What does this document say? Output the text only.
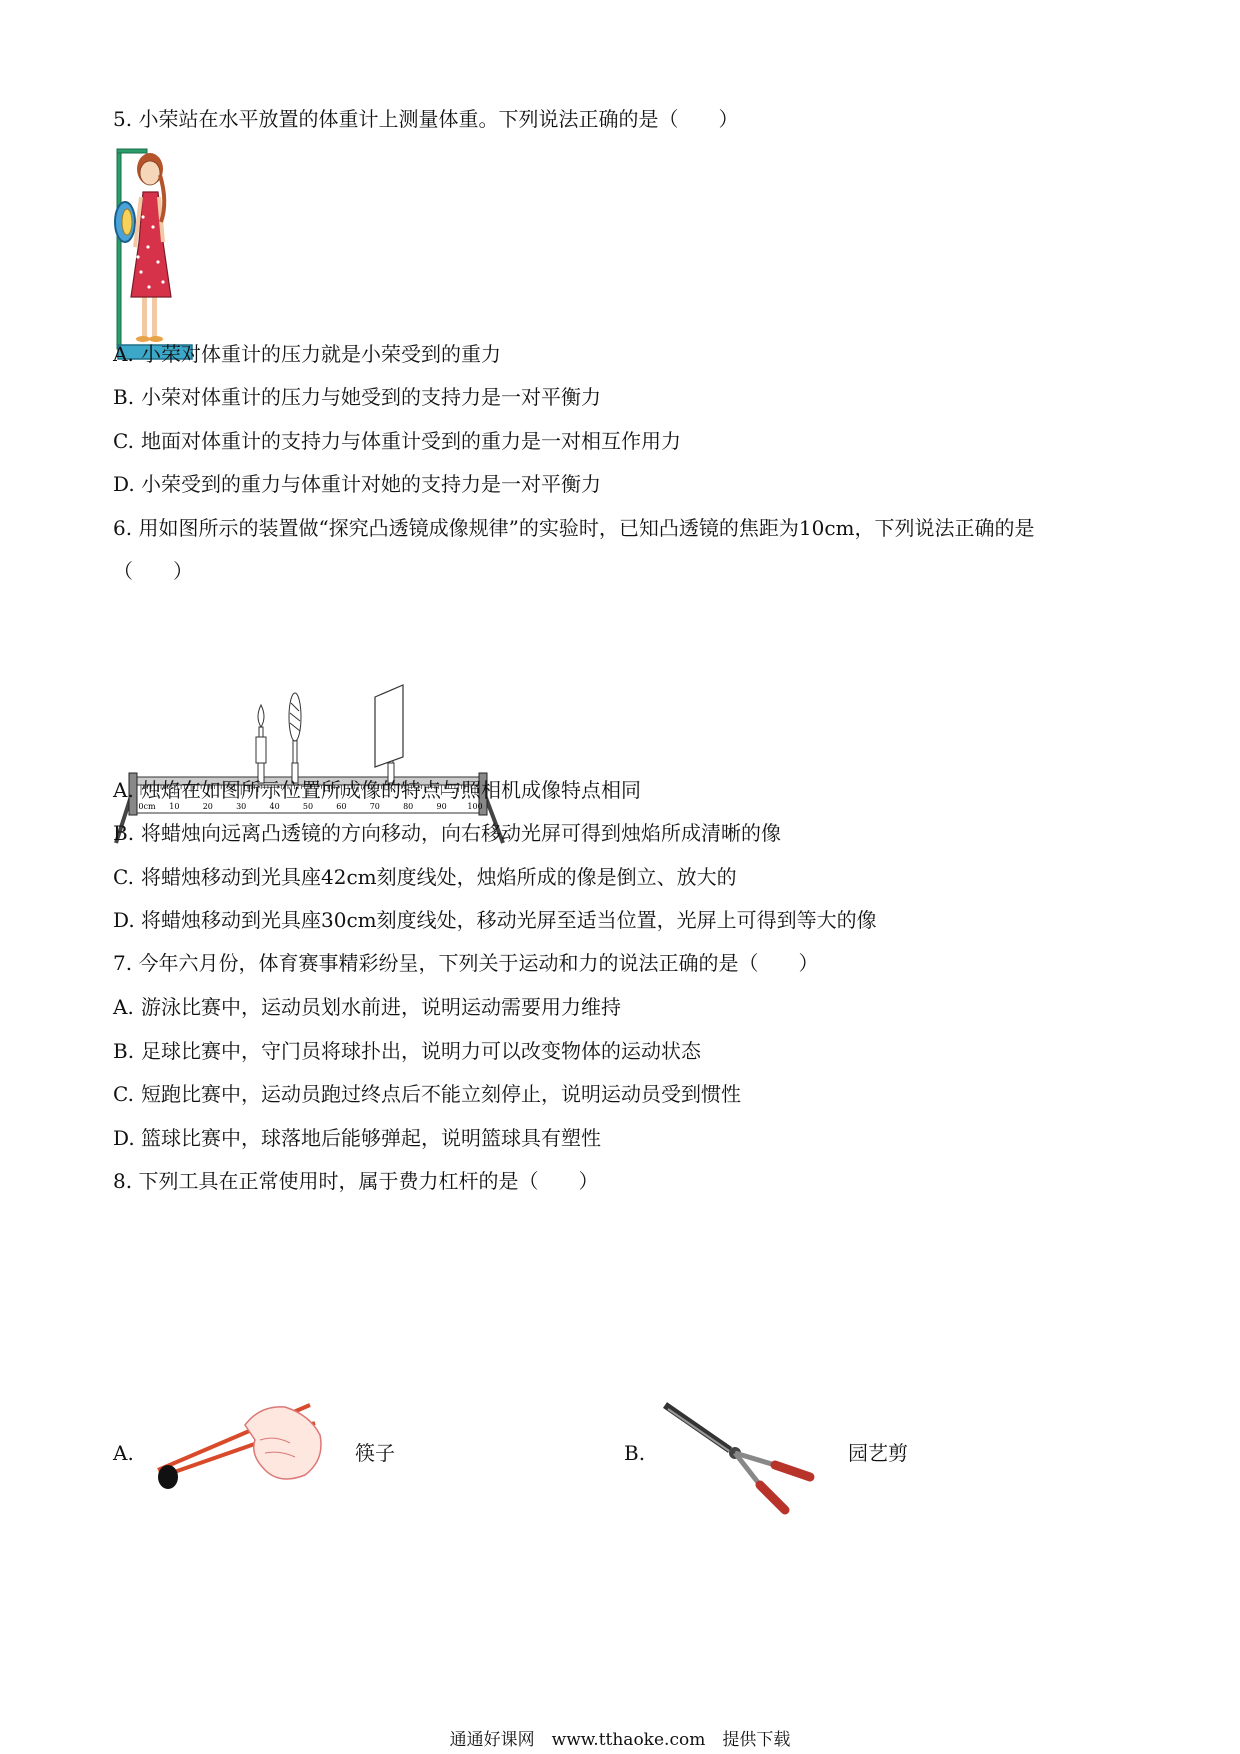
5. 小荣站在水平放置的体重计上测量体重。下列说法正确的是（　　）
A. 小荣对体重计的压力就是小荣受到的重力
B. 小荣对体重计的压力与她受到的支持力是一对平衡力
C. 地面对体重计的支持力与体重计受到的重力是一对相互作用力
D. 小荣受到的重力与体重计对她的支持力是一对平衡力
6. 用如图所示的装置做“探究凸透镜成像规律”的实验时，已知凸透镜的焦距为10cm，下列说法正确的是
（　　）
0cm 10	20	30	40	50	60	70	80	90	100
A. 烛焰在如图所示位置所成像的特点与照相机成像特点相同
B. 将蜡烛向远离凸透镜的方向移动，向右移动光屏可得到烛焰所成清晰的像
C. 将蜡烛移动到光具座42cm刻度线处，烛焰所成的像是倒立、放大的
D. 将蜡烛移动到光具座30cm刻度线处，移动光屏至适当位置，光屏上可得到等大的像
7. 今年六月份，体育赛事精彩纷呈，下列关于运动和力的说法正确的是（　　）
A. 游泳比赛中，运动员划水前进，说明运动需要用力维持
B. 足球比赛中，守门员将球扑出，说明力可以改变物体的运动状态
C. 短跑比赛中，运动员跑过终点后不能立刻停止，说明运动员受到惯性
D. 篮球比赛中，球落地后能够弹起，说明篮球具有塑性
8. 下列工具在正常使用时，属于费力杠杆的是（　　）
A.	筷子	B.	园艺剪
通通好课网　www.tthaoke.com　提供下载
